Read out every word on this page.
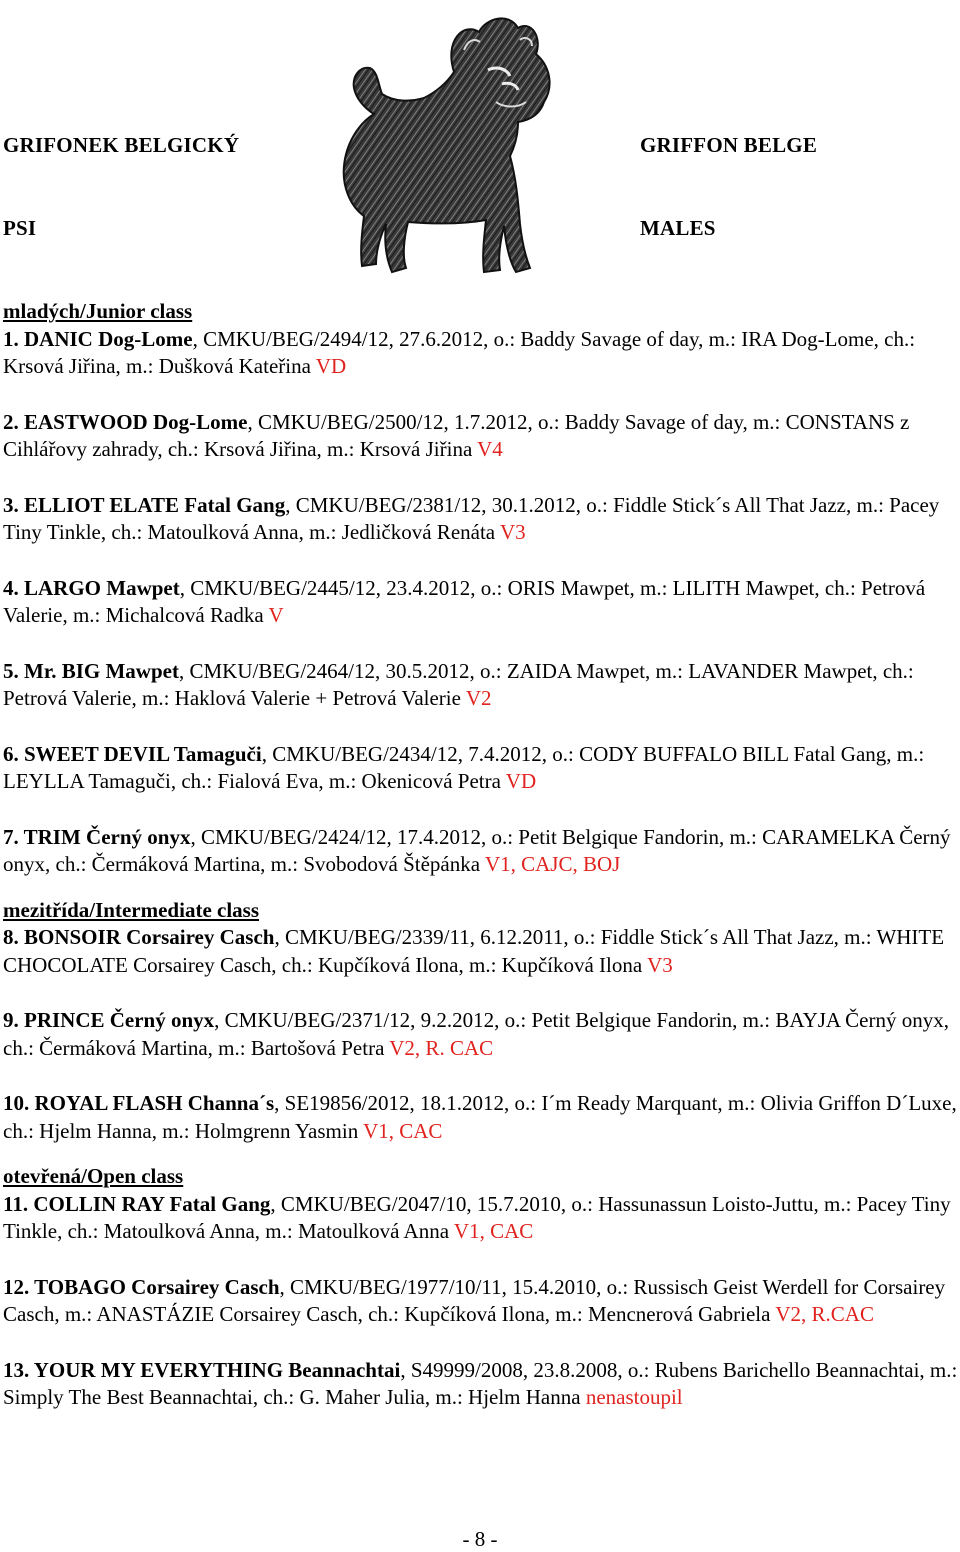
GRIFONEK BELGICKÝ	GRIFFON BELGE
PSI	MALES

mladých/Junior class

1. DANIC Dog-Lome, CMKU/BEG/2494/12, 27.6.2012, o.: Baddy Savage of day, m.: IRA Dog-Lome, ch.: Krsová Jiřina, m.: Dušková Kateřina VD

2. EASTWOOD Dog-Lome, CMKU/BEG/2500/12, 1.7.2012, o.: Baddy Savage of day, m.: CONSTANS z Cihlářovy zahrady, ch.: Krsová Jiřina, m.: Krsová Jiřina V4

3. ELLIOT ELATE Fatal Gang, CMKU/BEG/2381/12, 30.1.2012, o.: Fiddle Stick´s All That Jazz, m.: Pacey Tiny Tinkle, ch.: Matoulková Anna, m.: Jedličková Renáta V3

4. LARGO Mawpet, CMKU/BEG/2445/12, 23.4.2012, o.: ORIS Mawpet, m.: LILITH Mawpet, ch.: Petrová Valerie, m.: Michalcová Radka V

5. Mr. BIG Mawpet, CMKU/BEG/2464/12, 30.5.2012, o.: ZAIDA Mawpet, m.: LAVANDER Mawpet, ch.: Petrová Valerie, m.: Haklová Valerie + Petrová Valerie V2

6. SWEET DEVIL Tamaguči, CMKU/BEG/2434/12, 7.4.2012, o.: CODY BUFFALO BILL Fatal Gang, m.: LEYLLA Tamaguči, ch.: Fialová Eva, m.: Okenicová Petra VD

7. TRIM Černý onyx, CMKU/BEG/2424/12, 17.4.2012, o.: Petit Belgique Fandorin, m.: CARAMELKA Černý onyx, ch.: Čermáková Martina, m.: Svobodová Štěpánka V1, CAJC, BOJ

mezitřída/Intermediate class

8. BONSOIR Corsairey Casch, CMKU/BEG/2339/11, 6.12.2011, o.: Fiddle Stick´s All That Jazz, m.: WHITE CHOCOLATE Corsairey Casch, ch.: Kupčíková Ilona, m.: Kupčíková Ilona V3

9. PRINCE Černý onyx, CMKU/BEG/2371/12, 9.2.2012, o.: Petit Belgique Fandorin, m.: BAYJA Černý onyx, ch.: Čermáková Martina, m.: Bartošová Petra V2, R. CAC

10. ROYAL FLASH Channa´s, SE19856/2012, 18.1.2012, o.: I´m Ready Marquant, m.: Olivia Griffon D´Luxe, ch.: Hjelm Hanna, m.: Holmgrenn Yasmin V1, CAC

otevřená/Open class

11. COLLIN RAY Fatal Gang, CMKU/BEG/2047/10, 15.7.2010, o.: Hassunassun Loisto-Juttu, m.: Pacey Tiny Tinkle, ch.: Matoulková Anna, m.: Matoulková Anna V1, CAC

12. TOBAGO Corsairey Casch, CMKU/BEG/1977/10/11, 15.4.2010, o.: Russisch Geist Werdell for Corsairey Casch, m.: ANASTÁZIE Corsairey Casch, ch.: Kupčíková Ilona, m.: Mencnerová Gabriela V2, R.CAC

13. YOUR MY EVERYTHING Beannachtai, S49999/2008, 23.8.2008, o.: Rubens Barichello Beannachtai, m.: Simply The Best Beannachtai, ch.: G. Maher Julia, m.: Hjelm Hanna nenastoupil

- 8 -
